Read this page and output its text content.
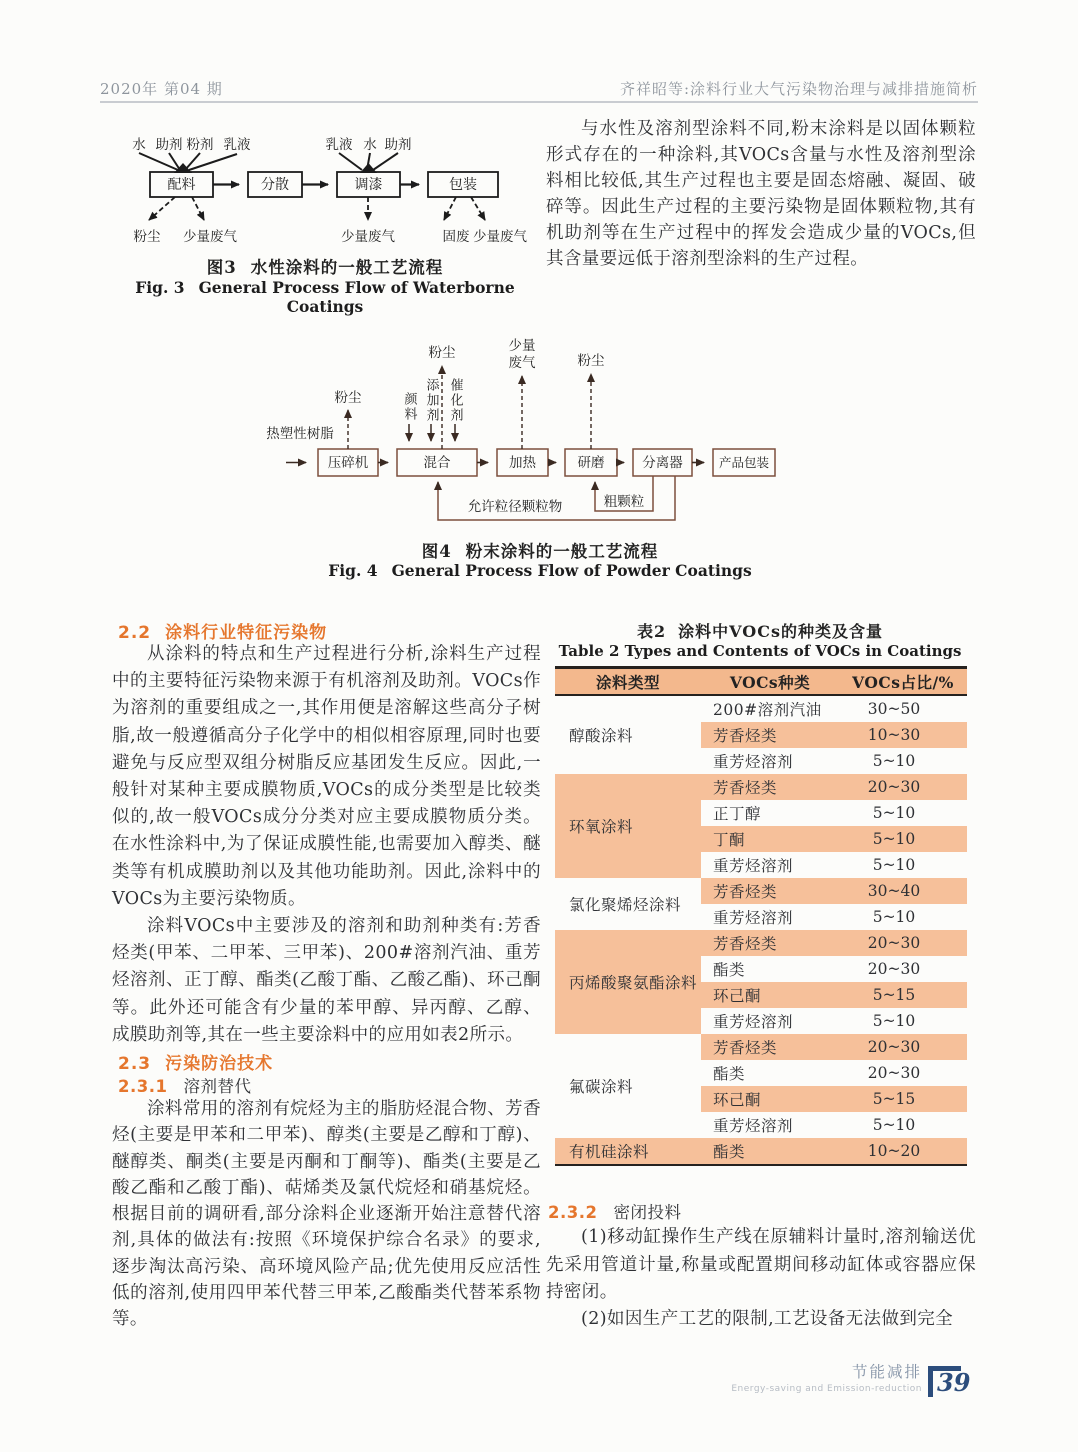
2020年 第04 期	齐祥昭等:涂料行业大气污染物治理与减排措施简析
水 助剂 粉剂 乳液	乳液 水 助剂
配料	分散	调漆	包装
粉尘 少量废气	少量废气	固废 少量废气
图3 水性涂料的一般工艺流程
Fig. 3 General Process Flow of Waterborne Coatings
与水性及溶剂型涂料不同,粉末涂料是以固体颗粒形式存在的一种涂料,其VOCs含量与水性及溶剂型涂料相比较低,其生产过程也主要是固态熔融、凝固、破碎等。因此生产过程的主要污染物是固体颗粒物,其有机助剂等在生产过程中的挥发会造成少量的VOCs,但其含量要远低于溶剂型涂料的生产过程。
热塑性树脂
压碎机	混合	加热	研磨	分离器	产品包装
颜料 添加剂 催化剂
粉尘
粉尘	少量
废气	粉尘
允许粒径颗粒物	粗颗粒
图4 粉末涂料的一般工艺流程
Fig. 4 General Process Flow of Powder Coatings
2.2 涂料行业特征污染物
从涂料的特点和生产过程进行分析,涂料生产过程中的主要特征污染物来源于有机溶剂及助剂。VOCs作为溶剂的重要组成之一,其作用便是溶解这些高分子树脂,故一般遵循高分子化学中的相似相容原理,同时也要避免与反应型双组分树脂反应基团发生反应。因此,一般针对某种主要成膜物质,VOCs的成分类型是比较类似的,故一般VOCs成分分类对应主要成膜物质分类。在水性涂料中,为了保证成膜性能,也需要加入醇类、醚类等有机成膜助剂以及其他功能助剂。因此,涂料中的VOCs为主要污染物质。
涂料VOCs中主要涉及的溶剂和助剂种类有:芳香烃类(甲苯、二甲苯、三甲苯)、200#溶剂汽油、重芳烃溶剂、正丁醇、酯类(乙酸丁酯、乙酸乙酯)、环己酮等。此外还可能含有少量的苯甲醇、异丙醇、乙醇、成膜助剂等,其在一些主要涂料中的应用如表2所示。
2.3 污染防治技术
2.3.1 溶剂替代
涂料常用的溶剂有烷烃为主的脂肪烃混合物、芳香烃(主要是甲苯和二甲苯)、醇类(主要是乙醇和丁醇)、醚醇类、酮类(主要是丙酮和丁酮等)、酯类(主要是乙酸乙酯和乙酸丁酯)、萜烯类及氯代烷烃和硝基烷烃。根据目前的调研看,部分涂料企业逐渐开始注意替代溶剂,具体的做法有:按照《环境保护综合名录》的要求,逐步淘汰高污染、高环境风险产品;优先使用反应活性低的溶剂,使用四甲苯代替三甲苯,乙酸酯类代替苯系物等。
表2 涂料中VOCs的种类及含量
Table 2 Types and Contents of VOCs in Coatings
涂料类型	VOCs种类	VOCs占比/%
醇酸涂料	200#溶剂汽油	30~50
	芳香烃类	10~30
	重芳烃溶剂	5~10
环氧涂料	芳香烃类	20~30
	正丁醇	5~10
	丁酮	5~10
	重芳烃溶剂	5~10
氯化聚烯烃涂料	芳香烃类	30~40
	重芳烃溶剂	5~10
丙烯酸聚氨酯涂料	芳香烃类	20~30
	酯类	20~30
	环己酮	5~15
	重芳烃溶剂	5~10
氟碳涂料	芳香烃类	20~30
	酯类	20~30
	环己酮	5~15
	重芳烃溶剂	5~10
有机硅涂料	酯类	10~20
2.3.2 密闭投料
(1)移动缸操作生产线在原辅料计量时,溶剂输送优先采用管道计量,称量或配置期间移动缸体或容器应保持密闭。
(2)如因生产工艺的限制,工艺设备无法做到完全
节能减排
Energy-saving and Emission-reduction 39
